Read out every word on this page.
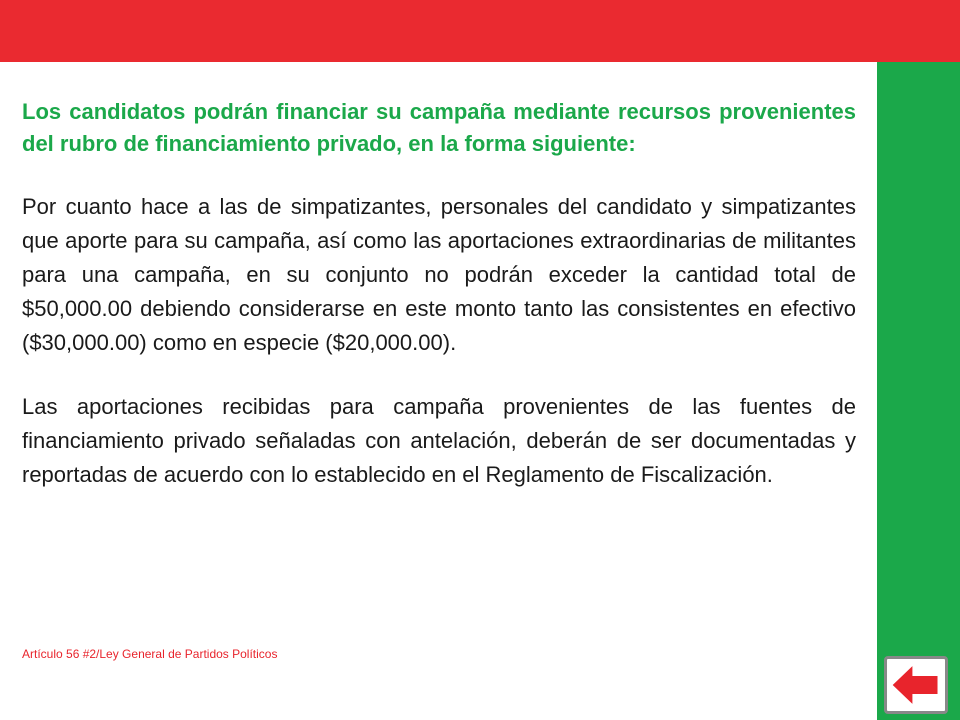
Los candidatos podrán financiar su campaña mediante recursos provenientes del rubro de financiamiento privado, en la forma siguiente:

Por cuanto hace a las de simpatizantes, personales del candidato y simpatizantes que aporte para su campaña, así como las aportaciones extraordinarias de militantes para una campaña, en su conjunto no podrán exceder la cantidad total de $50,000.00 debiendo considerarse en este monto tanto las consistentes en efectivo ($30,000.00) como en especie ($20,000.00).

Las aportaciones recibidas para campaña provenientes de las fuentes de financiamiento privado señaladas con antelación, deberán de ser documentadas y reportadas de acuerdo con lo establecido en el Reglamento de Fiscalización.

Artículo 56 #2/Ley General de Partidos Políticos
